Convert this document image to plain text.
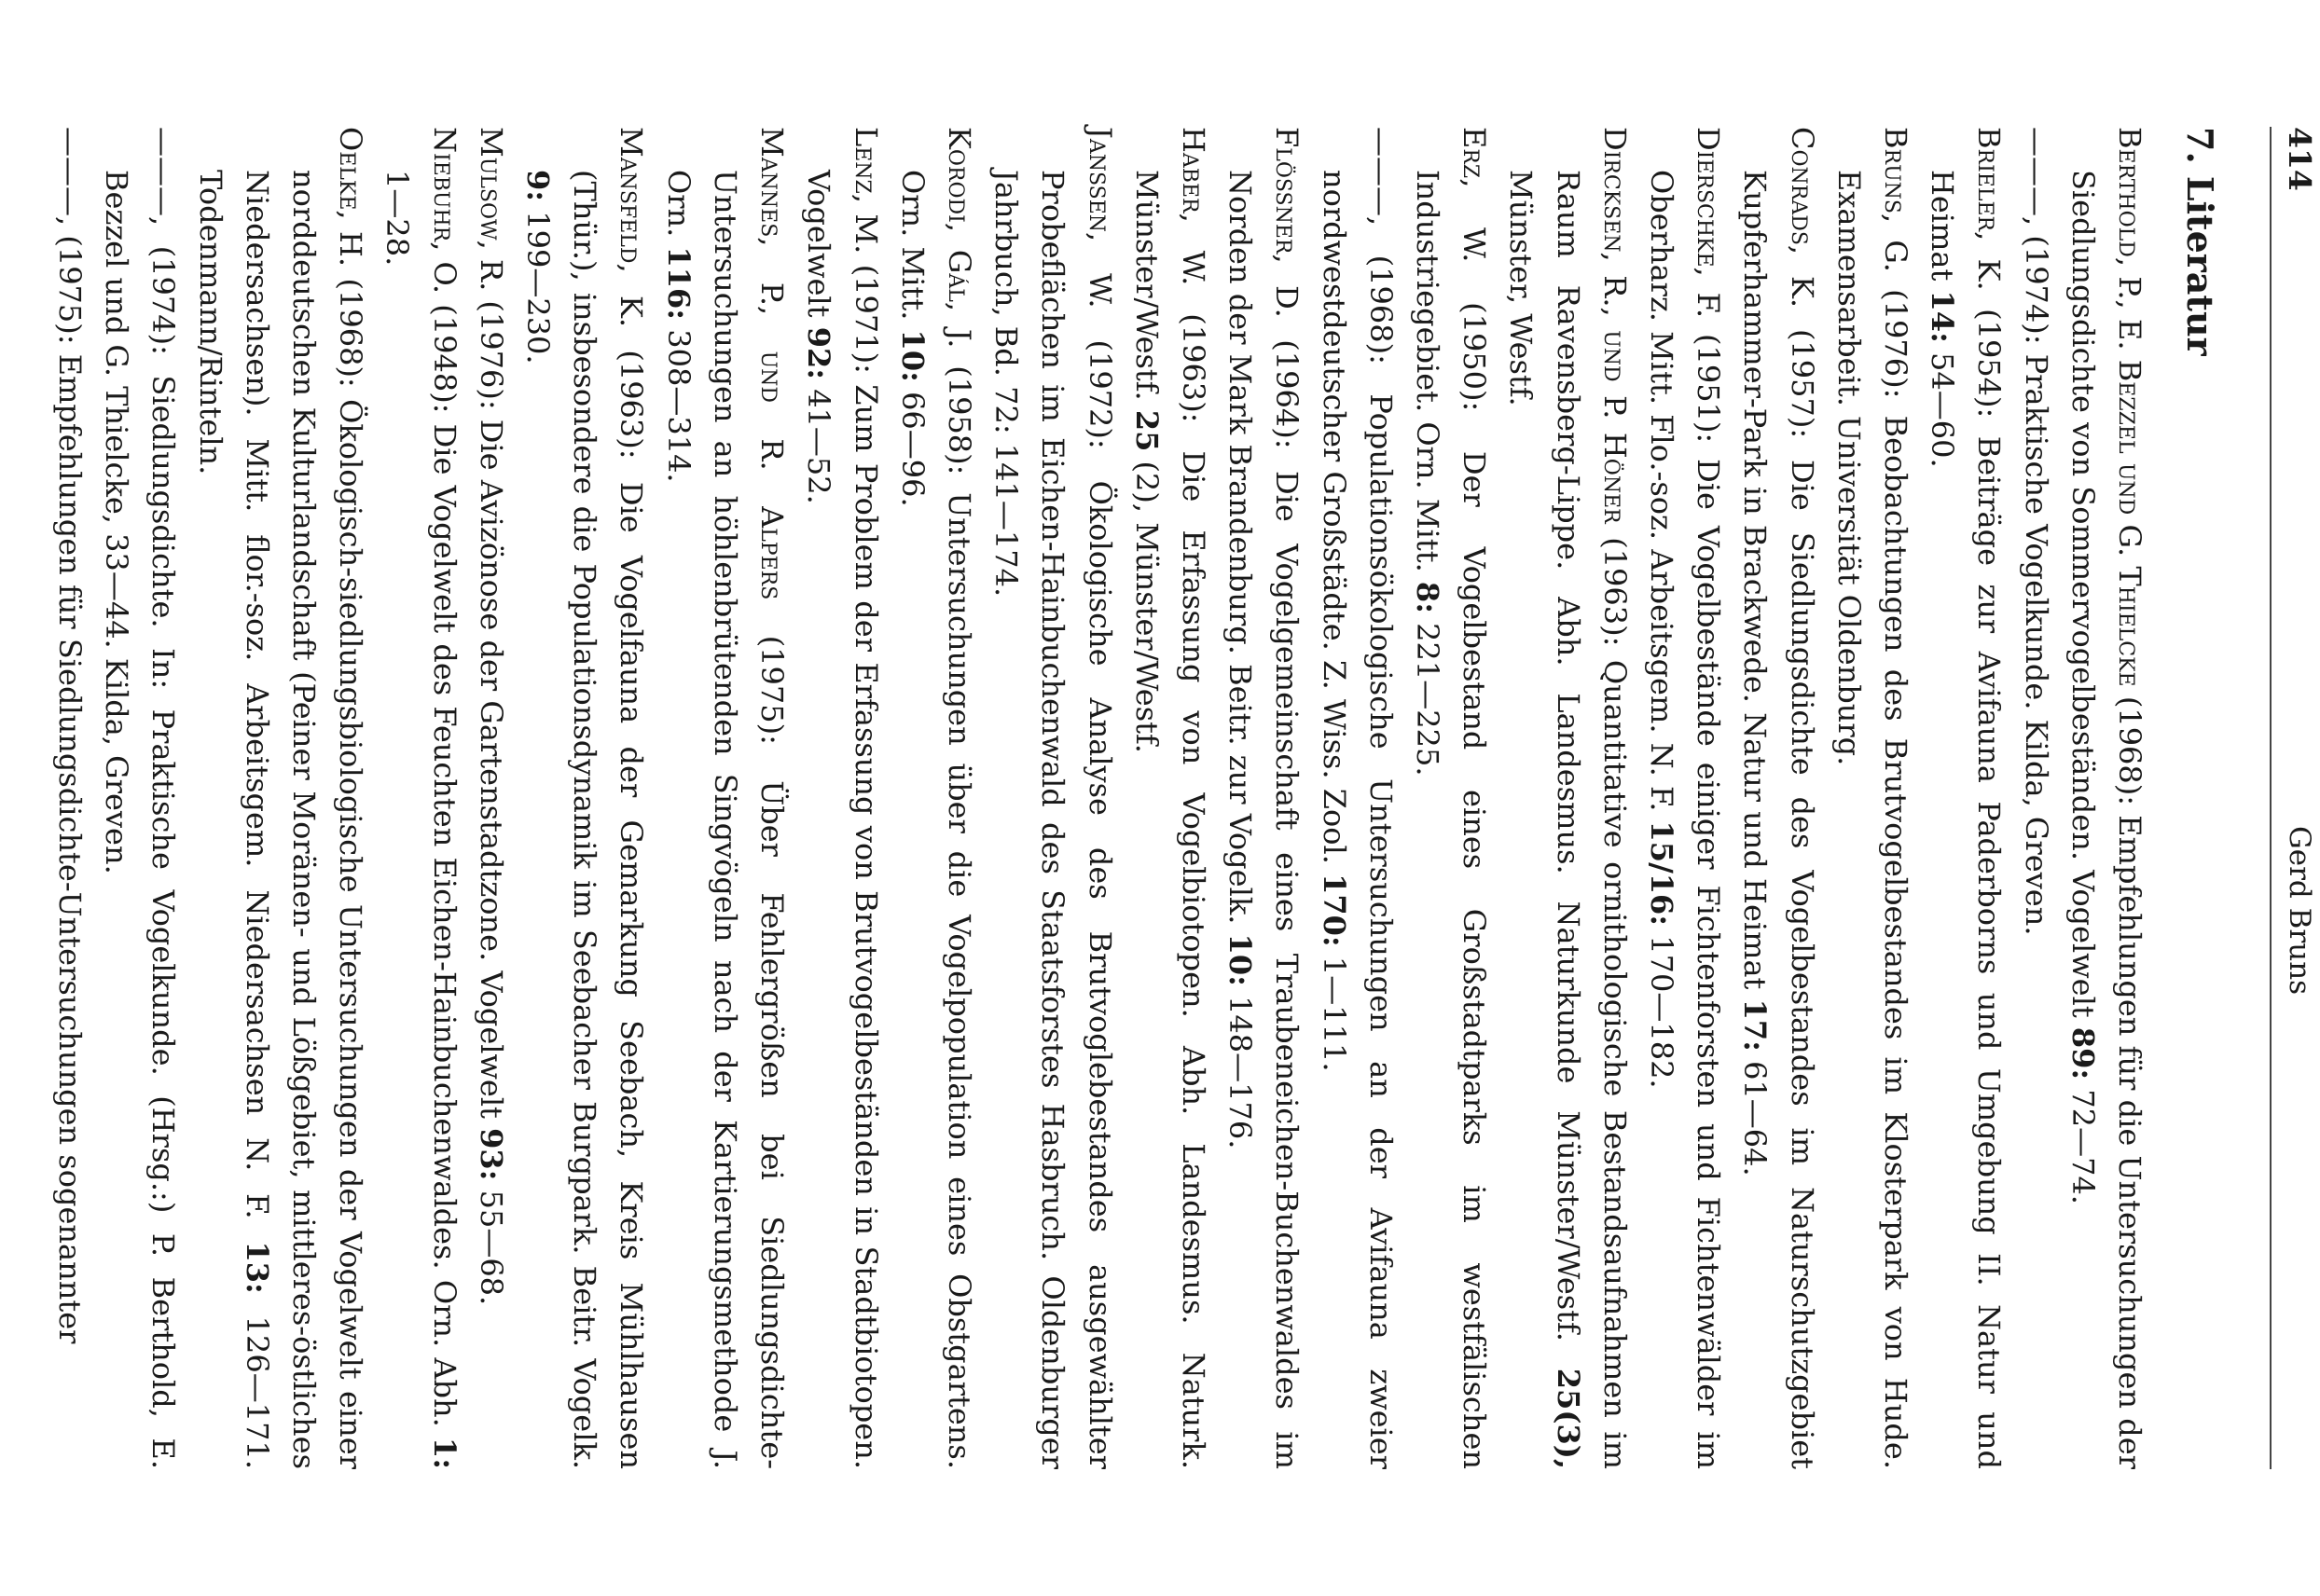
414
Gerd Bruns
7. Literatur

Berthold, P., E. Bezzel und G. Thielcke (1968): Empfehlungen für die Untersuchungen der Siedlungsdichte von Sommervogelbeständen. Vogelwelt 89: 72—74.

———, (1974): Praktische Vogelkunde. Kilda, Greven.

Brieler, K. (1954): Beiträge zur Avifauna Paderborns und Umgebung II. Natur und Heimat 14: 54—60.

Bruns, G. (1976): Beobachtungen des Brutvogelbestandes im Klosterpark von Hude. Examensarbeit. Universität Oldenburg.

Conrads, K. (1957): Die Siedlungsdichte des Vogelbestandes im Naturschutzgebiet Kupferhammer-Park in Brackwede. Natur und Heimat 17: 61—64.

Dierschke, F. (1951): Die Vogelbestände einiger Fichtenforsten und Fichtenwälder im Oberharz. Mitt. Flo.-soz. Arbeitsgem. N. F. 15/16: 170—182.

Dircksen, R., und P. Höner (1963): Quantitative ornithologische Bestandsaufnahmen im Raum Ravensberg-Lippe. Abh. Landesmus. Naturkunde Münster/Westf. 25(3), Münster, Westf.

Erz, W. (1950): Der Vogelbestand eines Großstadtparks im westfälischen Industriegebiet. Orn. Mitt. 8: 221—225.

———, (1968): Populationsökologische Untersuchungen an der Avifauna zweier nordwestdeutscher Großstädte. Z. Wiss. Zool. 170: 1—111.

Flössner, D. (1964): Die Vogelgemeinschaft eines Traubeneichen-Buchenwaldes im Norden der Mark Brandenburg. Beitr. zur Vogelk. 10: 148—176.

Haber, W. (1963): Die Erfassung von Vogelbiotopen. Abh. Landesmus. Naturk. Münster/Westf. 25 (2), Münster/Westf.

Janssen, W. (1972): Ökologische Analyse des Brutvoglebestandes ausgewählter Probeflächen im Eichen-Hainbuchenwald des Staatsforstes Hasbruch. Oldenburger Jahrbuch, Bd. 72: 141—174.

Korodi, Gál, J. (1958): Untersuchungen über die Vogelpopulation eines Obstgartens. Orn. Mitt. 10: 66—96.

Lenz, M. (1971): Zum Problem der Erfassung von Brutvogelbeständen in Stadtbiotopen. Vogelwelt 92: 41—52.

Mannes, P., und R. Alpers (1975): Über Fehlergrößen bei Siedlungsdichte-Untersuchungen an höhlenbrütenden Singvögeln nach der Kartierungsmethode J. Orn. 116: 308—314.

Mansfeld, K. (1963): Die Vogelfauna der Gemarkung Seebach, Kreis Mühlhausen (Thür.), insbesondere die Populationsdynamik im Seebacher Burgpark. Beitr. Vogelk. 9: 199—230.

Mulsow, R. (1976): Die Avizönose der Gartenstadtzone. Vogelwelt 93: 55—68.

Niebuhr, O. (1948): Die Vogelwelt des Feuchten Eichen-Hainbuchenwaldes. Orn. Abh. 1: 1—28.

Oelke, H. (1968): Ökologisch-siedlungsbiologische Untersuchungen der Vogelwelt einer norddeutschen Kulturlandschaft (Peiner Moränen- und Lößgebiet, mittleres-östliches Niedersachsen). Mitt. flor.-soz. Arbeitsgem. Niedersachsen N. F. 13: 126—171. Todenmann/Rinteln.

———, (1974): Siedlungsdichte. In: Praktische Vogelkunde. (Hrsg.:) P. Berthold, E. Bezzel und G. Thielcke, 33—44. Kilda, Greven.

———, (1975): Empfehlungen für Siedlungsdichte-Untersuchungen sogenannter
